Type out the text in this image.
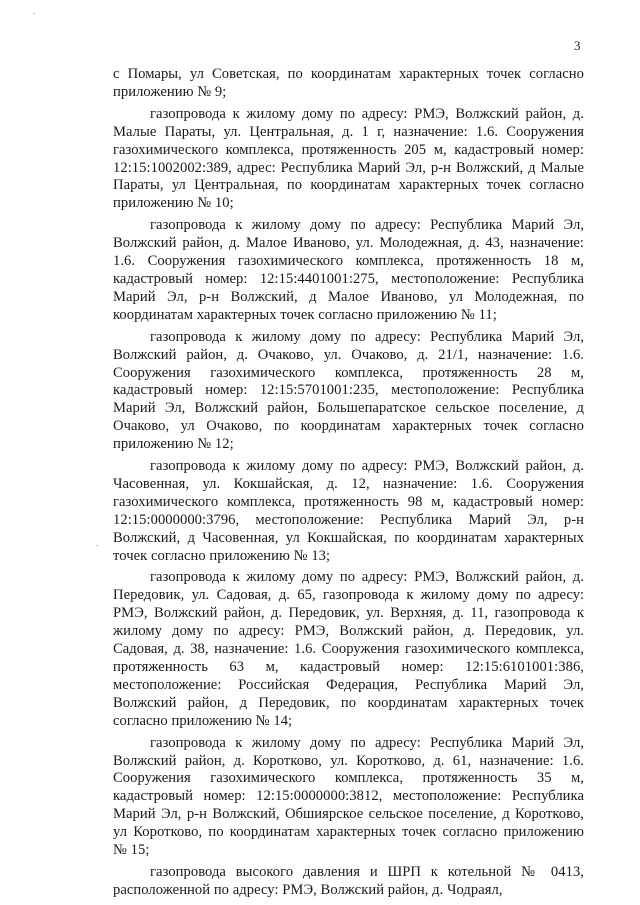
3

с Помары, ул Советская, по координатам характерных точек согласно приложению № 9;

газопровода к жилому дому по адресу: РМЭ, Волжский район, д. Малые Параты, ул. Центральная, д. 1 г, назначение: 1.6. Сооружения газохимического комплекса, протяженность 205 м, кадастровый номер: 12:15:1002002:389, адрес: Республика Марий Эл, р-н Волжский, д Малые Параты, ул Центральная, по координатам характерных точек согласно приложению № 10;

газопровода к жилому дому по адресу: Республика Марий Эл, Волжский район, д. Малое Иваново, ул. Молодежная, д. 43, назначение: 1.6. Сооружения газохимического комплекса, протяженность 18 м, кадастровый номер: 12:15:4401001:275, местоположение: Республика Марий Эл, р-н Волжский, д Малое Иваново, ул Молодежная, по координатам характерных точек согласно приложению № 11;

газопровода к жилому дому по адресу: Республика Марий Эл, Волжский район, д. Очаково, ул. Очаково, д. 21/1, назначение: 1.6. Сооружения газохимического комплекса, протяженность 28 м, кадастровый номер: 12:15:5701001:235, местоположение: Республика Марий Эл, Волжский район, Большепаратское сельское поселение, д Очаково, ул Очаково, по координатам характерных точек согласно приложению № 12;

газопровода к жилому дому по адресу: РМЭ, Волжский район, д. Часовенная, ул. Кокшайская, д. 12, назначение: 1.6. Сооружения газохимического комплекса, протяженность 98 м, кадастровый номер: 12:15:0000000:3796, местоположение: Республика Марий Эл, р-н Волжский, д Часовенная, ул Кокшайская, по координатам характерных точек согласно приложению № 13;

газопровода к жилому дому по адресу: РМЭ, Волжский район, д. Передовик, ул. Садовая, д. 65, газопровода к жилому дому по адресу: РМЭ, Волжский район, д. Передовик, ул. Верхняя, д. 11, газопровода к жилому дому по адресу: РМЭ, Волжский район, д. Передовик, ул. Садовая, д. 38, назначение: 1.6. Сооружения газохимического комплекса, протяженность 63 м, кадастровый номер: 12:15:6101001:386, местоположение: Российская Федерация, Республика Марий Эл, Волжский район, д Передовик, по координатам характерных точек согласно приложению № 14;

газопровода к жилому дому по адресу: Республика Марий Эл, Волжский район, д. Коротково, ул. Коротково, д. 61, назначение: 1.6. Сооружения газохимического комплекса, протяженность 35 м, кадастровый номер: 12:15:0000000:3812, местоположение: Республика Марий Эл, р-н Волжский, Обшиярское сельское поселение, д Коротково, ул Коротково, по координатам характерных точек согласно приложению № 15;

газопровода высокого давления и ШРП к котельной № 0413, расположенной по адресу: РМЭ, Волжский район, д. Чодраял,
